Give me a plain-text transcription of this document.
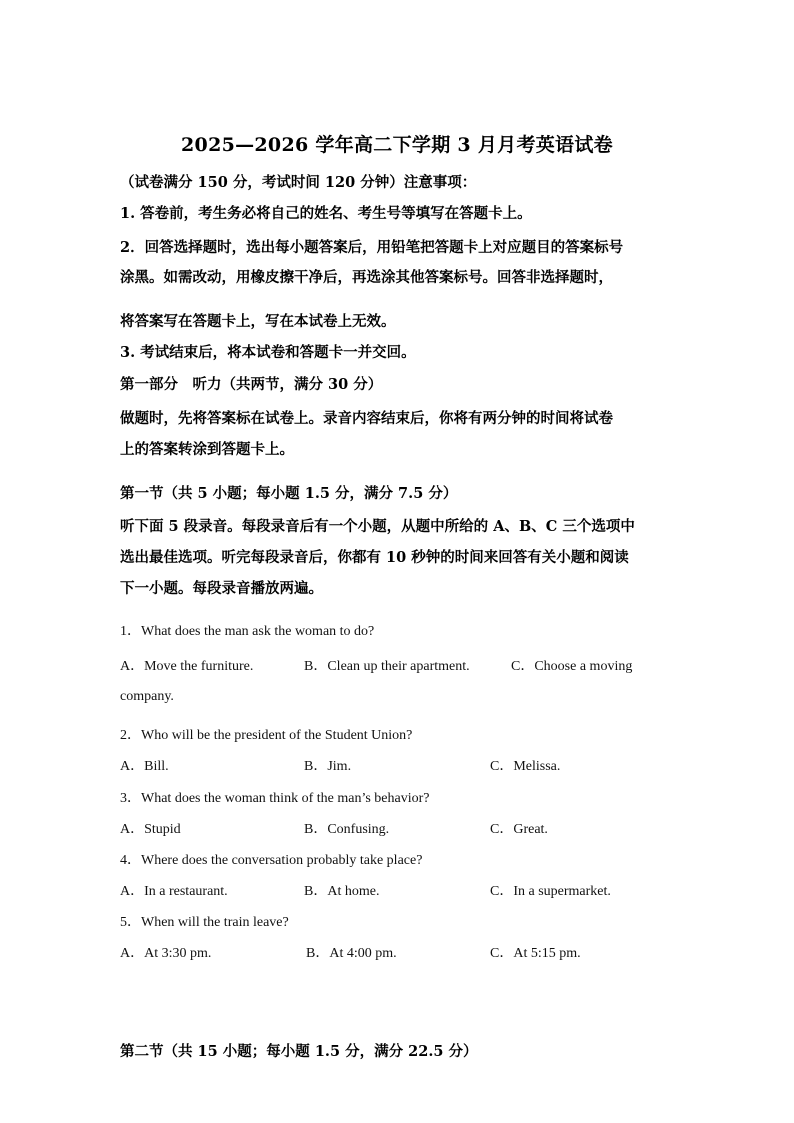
2025—2026 学年高二下学期 3 月月考英语试卷
（试卷满分 150 分，考试时间 120 分钟）注意事项：
1. 答卷前，考生务必将自己的姓名、考生号等填写在答题卡上。
2．回答选择题时，选出每小题答案后，用铅笔把答题卡上对应题目的答案标号
涂黑。如需改动，用橡皮擦干净后，再选涂其他答案标号。回答非选择题时，
将答案写在答题卡上，写在本试卷上无效。
3. 考试结束后，将本试卷和答题卡一并交回。
第一部分　听力（共两节，满分 30 分）
做题时，先将答案标在试卷上。录音内容结束后，你将有两分钟的时间将试卷
上的答案转涂到答题卡上。
第一节（共 5 小题；每小题 1.5 分，满分 7.5 分）
听下面 5 段录音。每段录音后有一个小题，从题中所给的 A、B、C 三个选项中
选出最佳选项。听完每段录音后，你都有 10 秒钟的时间来回答有关小题和阅读
下一小题。每段录音播放两遍。
1．What does the man ask the woman to do?
A．Move the furniture.	B．Clean up their apartment.	C．Choose a moving
company.
2．Who will be the president of the Student Union?
A．Bill.	B．Jim.	C．Melissa.
3．What does the woman think of the man’s behavior?
A．Stupid	B．Confusing.	C．Great.
4．Where does the conversation probably take place?
A．In a restaurant.	B．At home.	C．In a supermarket.
5．When will the train leave?
A．At 3:30 pm.	B．At 4:00 pm.	C．At 5:15 pm.
第二节（共 15 小题；每小题 1.5 分，满分 22.5 分）
